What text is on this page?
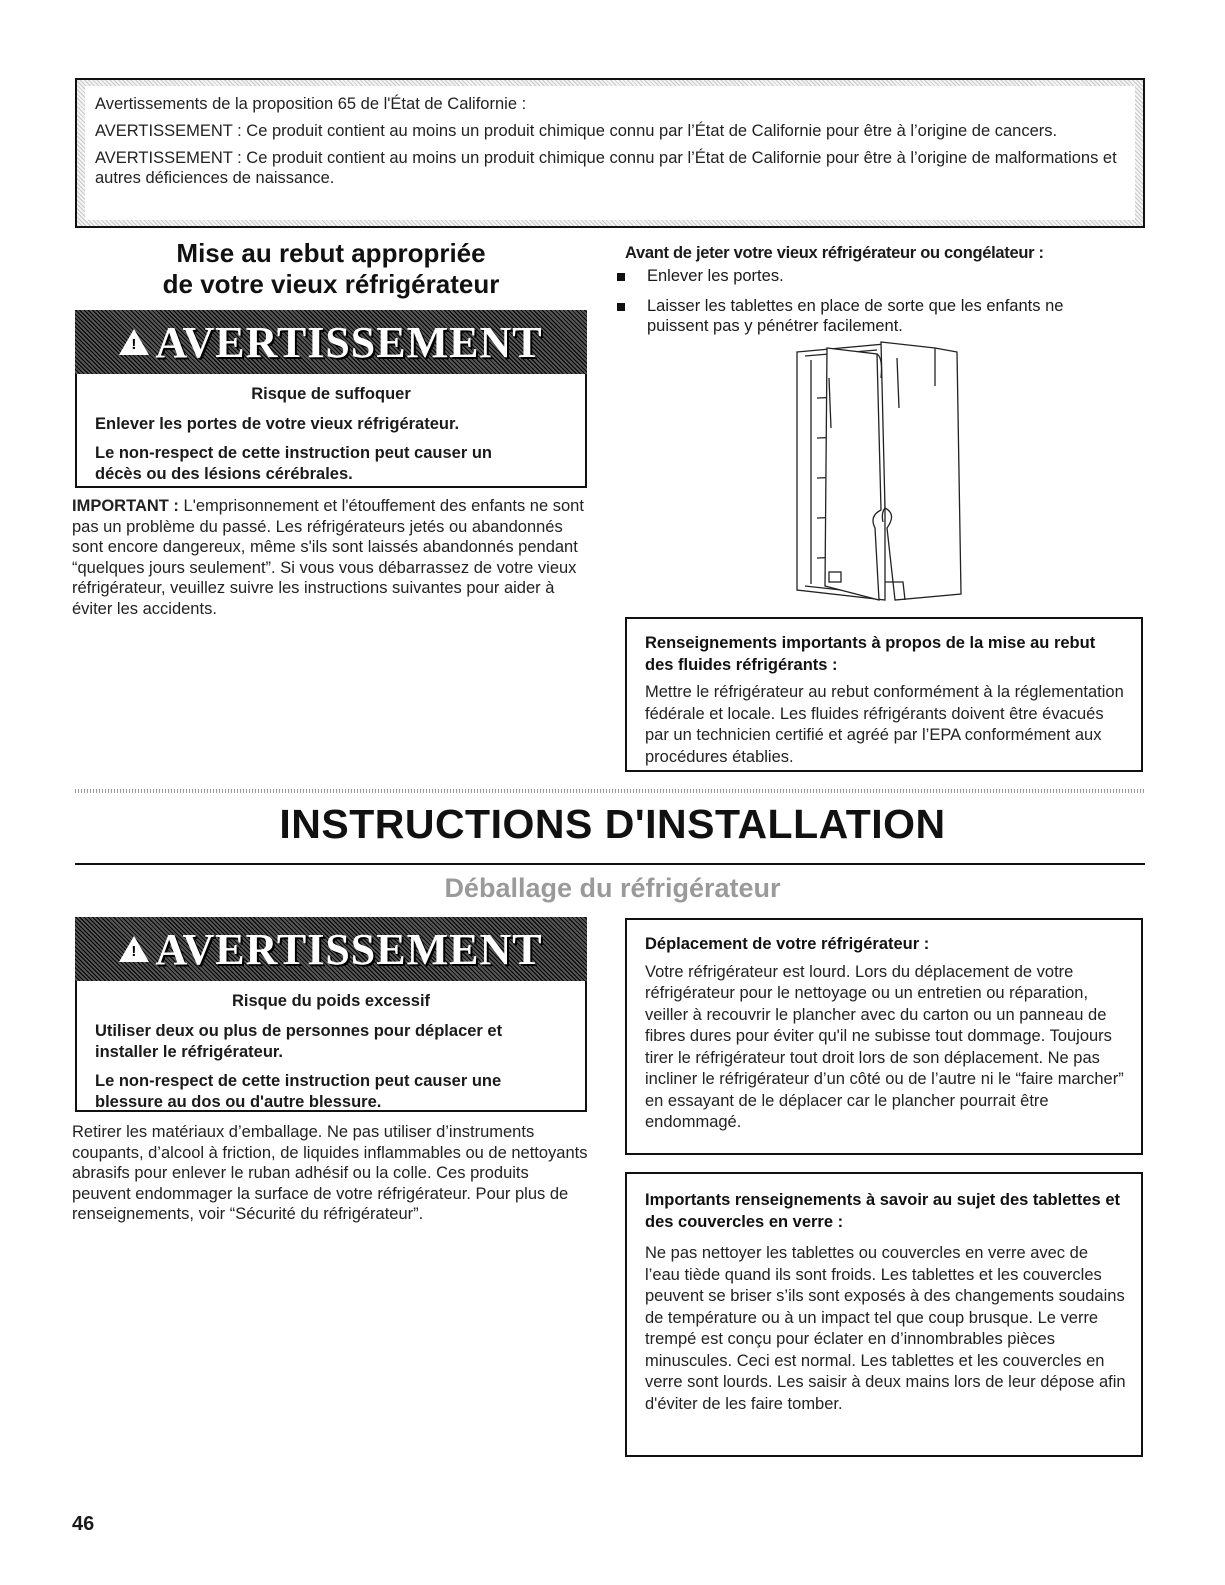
Avertissements de la proposition 65 de l'État de Californie :

AVERTISSEMENT : Ce produit contient au moins un produit chimique connu par l’État de Californie pour être à l’origine de cancers.

AVERTISSEMENT : Ce produit contient au moins un produit chimique connu par l’État de Californie pour être à l’origine de malformations et autres déficiences de naissance.

Mise au rebut appropriée
de votre vieux réfrigérateur
! AVERTISSEMENT

Risque de suffoquer

Enlever les portes de votre vieux réfrigérateur.

Le non-respect de cette instruction peut causer un décès ou des lésions cérébrales.

IMPORTANT : L'emprisonnement et l'étouffement des enfants ne sont pas un problème du passé. Les réfrigérateurs jetés ou abandonnés sont encore dangereux, même s'ils sont laissés abandonnés pendant “quelques jours seulement”. Si vous vous débarrassez de votre vieux réfrigérateur, veuillez suivre les instructions suivantes pour aider à éviter les accidents.

Avant de jeter votre vieux réfrigérateur ou congélateur :

Enlever les portes.
Laisser les tablettes en place de sorte que les enfants ne puissent pas y pénétrer facilement.

Renseignements importants à propos de la mise au rebut des fluides réfrigérants :

Mettre le réfrigérateur au rebut conformément à la réglementation fédérale et locale. Les fluides réfrigérants doivent être évacués par un technicien certifié et agréé par l’EPA conformément aux procédures établies.

INSTRUCTIONS D'INSTALLATION
Déballage du réfrigérateur
! AVERTISSEMENT

Risque du poids excessif

Utiliser deux ou plus de personnes pour déplacer et installer le réfrigérateur.

Le non-respect de cette instruction peut causer une blessure au dos ou d'autre blessure.

Retirer les matériaux d’emballage. Ne pas utiliser d’instruments coupants, d’alcool à friction, de liquides inflammables ou de nettoyants abrasifs pour enlever le ruban adhésif ou la colle. Ces produits peuvent endommager la surface de votre réfrigérateur. Pour plus de renseignements, voir “Sécurité du réfrigérateur”.

Déplacement de votre réfrigérateur :

Votre réfrigérateur est lourd. Lors du déplacement de votre réfrigérateur pour le nettoyage ou un entretien ou réparation, veiller à recouvrir le plancher avec du carton ou un panneau de fibres dures pour éviter qu'il ne subisse tout dommage. Toujours tirer le réfrigérateur tout droit lors de son déplacement. Ne pas incliner le réfrigérateur d’un côté ou de l’autre ni le “faire marcher” en essayant de le déplacer car le plancher pourrait être endommagé.

Importants renseignements à savoir au sujet des tablettes et des couvercles en verre :

Ne pas nettoyer les tablettes ou couvercles en verre avec de l’eau tiède quand ils sont froids. Les tablettes et les couvercles peuvent se briser s’ils sont exposés à des changements soudains de température ou à un impact tel que coup brusque. Le verre trempé est conçu pour éclater en d’innombrables pièces minuscules. Ceci est normal. Les tablettes et les couvercles en verre sont lourds. Les saisir à deux mains lors de leur dépose afin d'éviter de les faire tomber.

46
